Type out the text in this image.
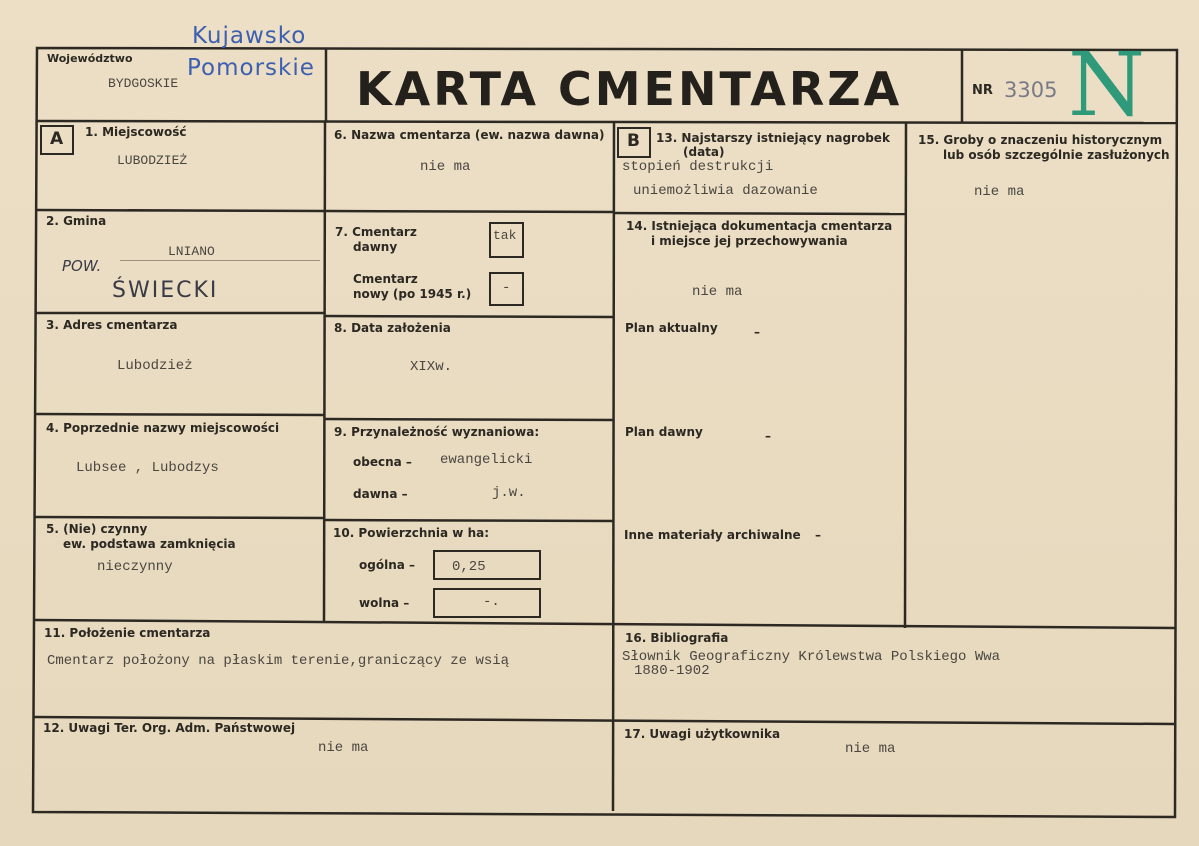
Województwo
BYDGOSKIE
Kujawsko
Pomorskie KARTA CMENTARZA	NR 3305 N
A	B
1. Miejscowość
LUBODZIEŻ
2. Gmina
LNIANO
POW.
ŚWIECKI
3. Adres cmentarza
Lubodzież
4. Poprzednie nazwy miejscowości
Lubsee , Lubodzys
5. (Nie) czynny
ew. podstawa zamknięcia
nieczynny
6. Nazwa cmentarza (ew. nazwa dawna)
nie ma
7. Cmentarz
dawny
tak
Cmentarz
nowy (po 1945 r.) -
8. Data założenia
XIXw.
9. Przynależność wyznaniowa:
obecna – ewangelicki
dawna –	j.w.
10. Powierzchnia w ha:
ogólna –	0,25
wolna –	-.
13. Najstarszy istniejący nagrobek
(data)
stopień destrukcji
uniemożliwia dazowanie
14. Istniejąca dokumentacja cmentarza
i miejsce jej przechowywania
nie ma
Plan aktualny	–
Plan dawny	–
Inne materiały archiwalne –
15. Groby o znaczeniu historycznym
lub osób szczególnie zasłużonych
nie ma
11. Położenie cmentarza
Cmentarz położony na płaskim terenie,graniczący ze wsią
16. Bibliografia
Słownik Geograficzny Królewstwa Polskiego Wwa
1880-1902
12. Uwagi Ter. Org. Adm. Państwowej
nie ma
17. Uwagi użytkownika
nie ma
